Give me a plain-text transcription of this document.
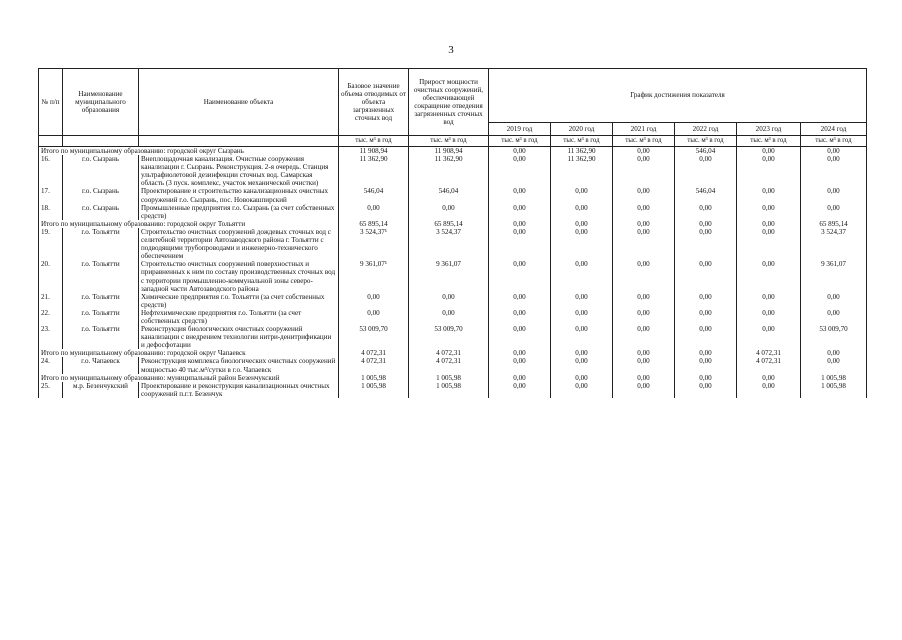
3
№ п/п	Наименование муниципального образования	Наименование объекта	Базовое значение объема отводимых от объекта загрязненных сточных вод	Прирост мощности очистных сооружений, обеспечивающей сокращение отведения загрязненных сточных вод	График достижения показателя					
					2019 год	2020 год	2021 год	2022 год	2023 год	2024 год
			тыс. м³ в год	тыс. м³ в год	тыс. м³ в год	тыс. м³ в год	тыс. м³ в год	тыс. м³ в год	тыс. м³ в год	тыс. м³ в год
Итого по муниципальному образованию: городской округ Сызрань			11 908,94	11 908,94	0,00	11 362,90	0,00	546,04	0,00	0,00
16.	г.о. Сызрань	Внеплощадочная канализация. Очистные сооружения канализации г. Сызрань. Реконструкция. 2-я очередь. Станция ультрафиолетовой дезинфекции сточных вод. Самарская область (3 пуск. комплекс, участок механической очистки)	11 362,90	11 362,90	0,00	11 362,90	0,00	0,00	0,00	0,00
17.	г.о. Сызрань	Проектирование и строительство канализационных очистных сооружений г.о. Сызрань, пос. Новокашпирский	546,04	546,04	0,00	0,00	0,00	546,04	0,00	0,00
18.	г.о. Сызрань	Промышленные предприятия г.о. Сызрань (за счет собственных средств)	0,00	0,00	0,00	0,00	0,00	0,00	0,00	0,00
Итого по муниципальному образованию: городской округ Тольятти			65 895,14	65 895,14	0,00	0,00	0,00	0,00	0,00	65 895,14
19.	г.о. Тольятти	Строительство очистных сооружений дождевых сточных вод с селитебной территории Автозаводского района г. Тольятти с подводящими трубопроводами и инженерно-технического обеспечением	3 524,37¹	3 524,37	0,00	0,00	0,00	0,00	0,00	3 524,37
20.	г.о. Тольятти	Строительство очистных сооружений поверхностных и приравненных к ним по составу производственных сточных вод с территории промышленно-коммунальной зоны северо-западной части Автозаводского района	9 361,07¹	9 361,07	0,00	0,00	0,00	0,00	0,00	9 361,07
21.	г.о. Тольятти	Химические предприятия г.о. Тольятти (за счет собственных средств)	0,00	0,00	0,00	0,00	0,00	0,00	0,00	0,00
22.	г.о. Тольятти	Нефтехимические предприятия г.о. Тольятти (за счет собственных средств)	0,00	0,00	0,00	0,00	0,00	0,00	0,00	0,00
23.	г.о. Тольятти	Реконструкция биологических очистных сооружений канализации с внедрением технологии нитри-денитрификации и дефосфотации	53 009,70	53 009,70	0,00	0,00	0,00	0,00	0,00	53 009,70
Итого по муниципальному образованию: городской округ Чапаевск			4 072,31	4 072,31	0,00	0,00	0,00	0,00	4 072,31	0,00
24.	г.о. Чапаевск	Реконструкция комплекса биологических очистных сооружений мощностью 40 тыс.м³/сутки в г.о. Чапаевск	4 072,31	4 072,31	0,00	0,00	0,00	0,00	4 072,31	0,00
Итого по муниципальному образованию: муниципальный район Безенчукский			1 005,98	1 005,98	0,00	0,00	0,00	0,00	0,00	1 005,98
25.	м.р. Безенчукский	Проектирование и реконструкция канализационных очистных сооружений п.г.т. Безенчук	1 005,98	1 005,98	0,00	0,00	0,00	0,00	0,00	1 005,98
